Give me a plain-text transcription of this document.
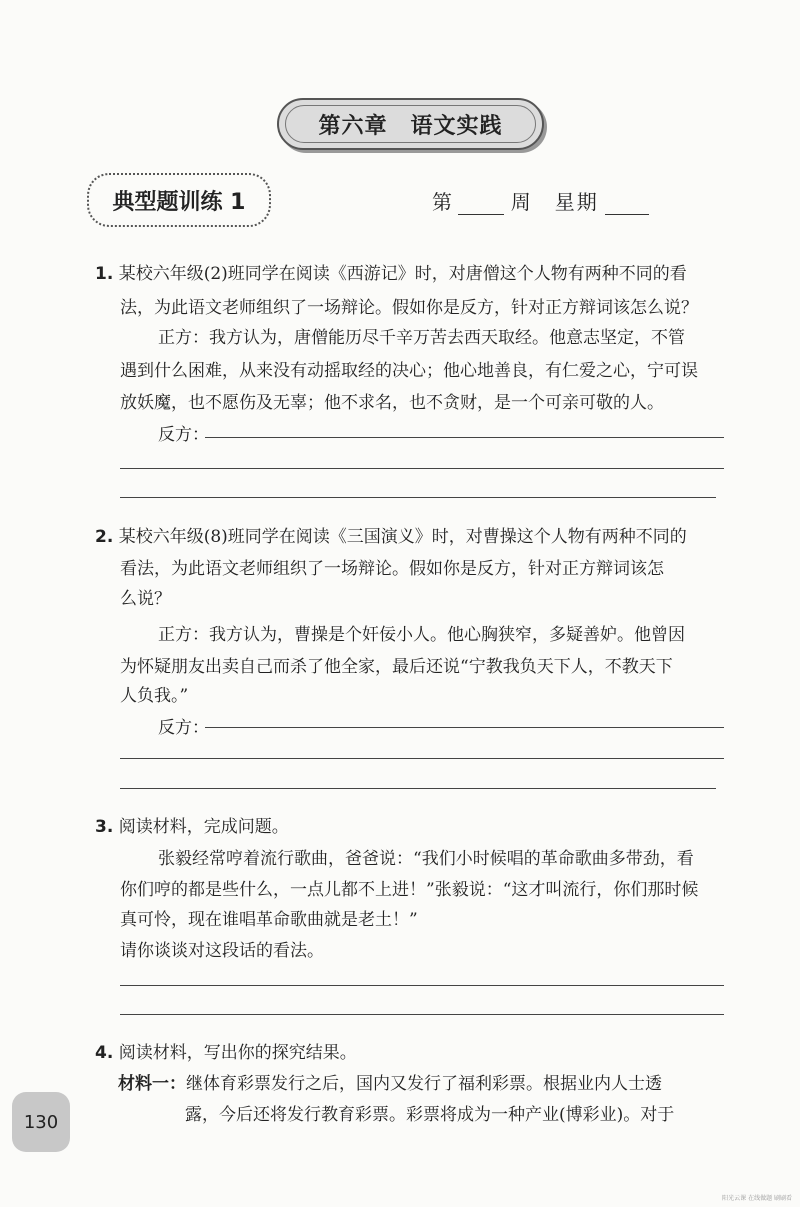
第六章　语文实践
典型题训练 1	第	周　星期
1. 某校六年级(2)班同学在阅读《西游记》时，对唐僧这个人物有两种不同的看
法，为此语文老师组织了一场辩论。假如你是反方，针对正方辩词该怎么说？
正方：我方认为，唐僧能历尽千辛万苦去西天取经。他意志坚定，不管
遇到什么困难，从来没有动摇取经的决心；他心地善良，有仁爱之心，宁可误
放妖魔，也不愿伤及无辜；他不求名，也不贪财，是一个可亲可敬的人。
反方：
2. 某校六年级(8)班同学在阅读《三国演义》时，对曹操这个人物有两种不同的
看法，为此语文老师组织了一场辩论。假如你是反方，针对正方辩词该怎
么说？
正方：我方认为，曹操是个奸佞小人。他心胸狭窄，多疑善妒。他曾因
为怀疑朋友出卖自己而杀了他全家，最后还说“宁教我负天下人，不教天下
人负我。”
反方：
3. 阅读材料，完成问题。
张毅经常哼着流行歌曲，爸爸说：“我们小时候唱的革命歌曲多带劲，看
你们哼的都是些什么，一点儿都不上进！”张毅说：“这才叫流行，你们那时候
真可怜，现在谁唱革命歌曲就是老土！”
请你谈谈对这段话的看法。
4. 阅读材料，写出你的探究结果。
材料一：继体育彩票发行之后，国内又发行了福利彩票。根据业内人士透
露，今后还将发行教育彩票。彩票将成为一种产业(博彩业)。对于
130
阳光云课 在线做题 刷刷看
